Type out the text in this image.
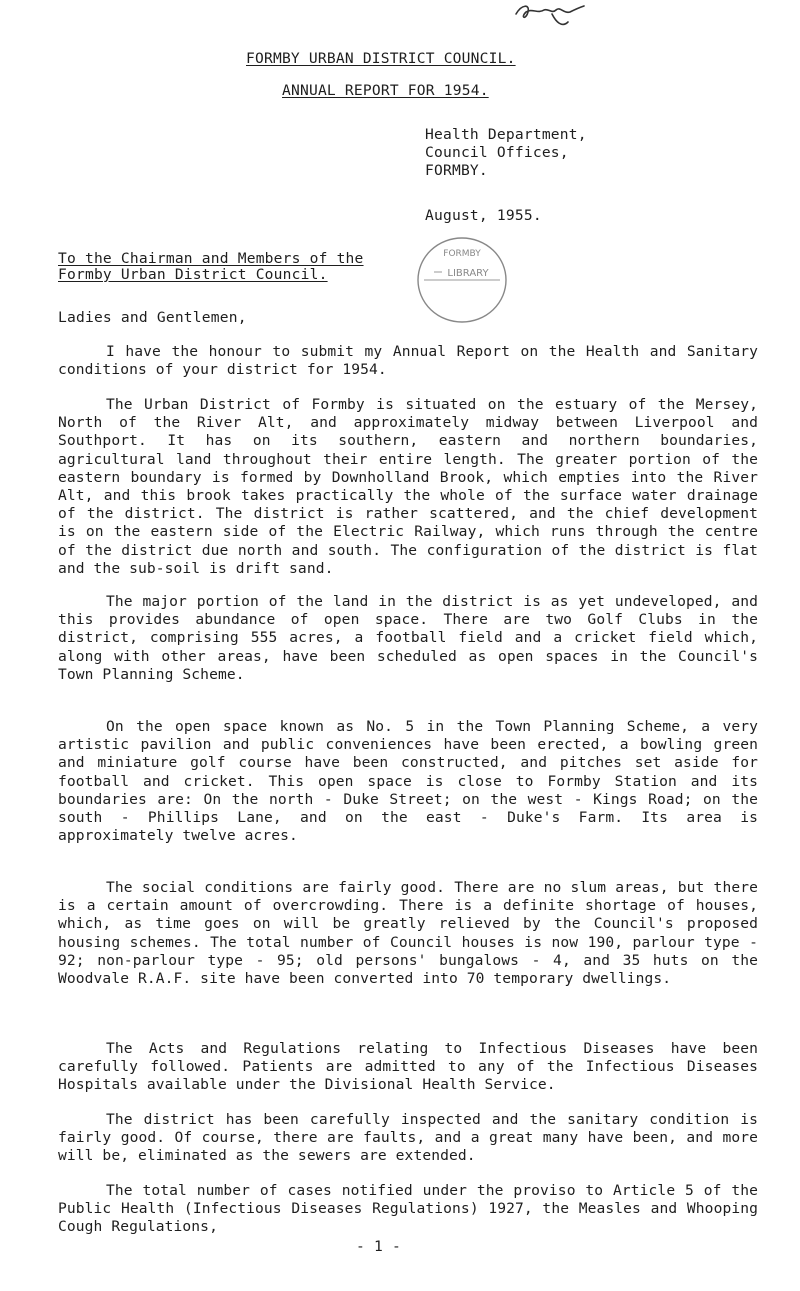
FORMBY URBAN DISTRICT COUNCIL.
ANNUAL REPORT FOR 1954.
Health Department,
Council Offices,
FORMBY.
August, 1955.
To the Chairman and Members of the
Formby Urban District Council.
Ladies and Gentlemen,
FORMBY
LIBRARY

I have the honour to submit my Annual Report on the Health and Sanitary conditions of your district for 1954.

The Urban District of Formby is situated on the estuary of the Mersey, North of the River Alt, and approximately midway between Liverpool and Southport. It has on its southern, eastern and northern boundaries, agricultural land throughout their entire length. The greater portion of the eastern boundary is formed by Downholland Brook, which empties into the River Alt, and this brook takes practically the whole of the surface water drainage of the district. The district is rather scattered, and the chief development is on the eastern side of the Electric Railway, which runs through the centre of the district due north and south. The configuration of the district is flat and the sub-soil is drift sand.

The major portion of the land in the district is as yet undeveloped, and this provides abundance of open space. There are two Golf Clubs in the district, comprising 555 acres, a football field and a cricket field which, along with other areas, have been scheduled as open spaces in the Council's Town Planning Scheme.

On the open space known as No. 5 in the Town Planning Scheme, a very artistic pavilion and public conveniences have been erected, a bowling green and miniature golf course have been constructed, and pitches set aside for football and cricket. This open space is close to Formby Station and its boundaries are: On the north - Duke Street; on the west - Kings Road; on the south - Phillips Lane, and on the east - Duke's Farm. Its area is approximately twelve acres.

The social conditions are fairly good. There are no slum areas, but there is a certain amount of overcrowding. There is a definite shortage of houses, which, as time goes on will be greatly relieved by the Council's proposed housing schemes. The total number of Council houses is now 190, parlour type - 92; non-parlour type - 95; old persons' bungalows - 4, and 35 huts on the Woodvale R.A.F. site have been converted into 70 temporary dwellings.

The Acts and Regulations relating to Infectious Diseases have been carefully followed. Patients are admitted to any of the Infectious Diseases Hospitals available under the Divisional Health Service.

The district has been carefully inspected and the sanitary condition is fairly good. Of course, there are faults, and a great many have been, and more will be, eliminated as the sewers are extended.

The total number of cases notified under the proviso to Article 5 of the Public Health (Infectious Diseases Regulations) 1927, the Measles and Whooping Cough Regulations,

- 1 -
